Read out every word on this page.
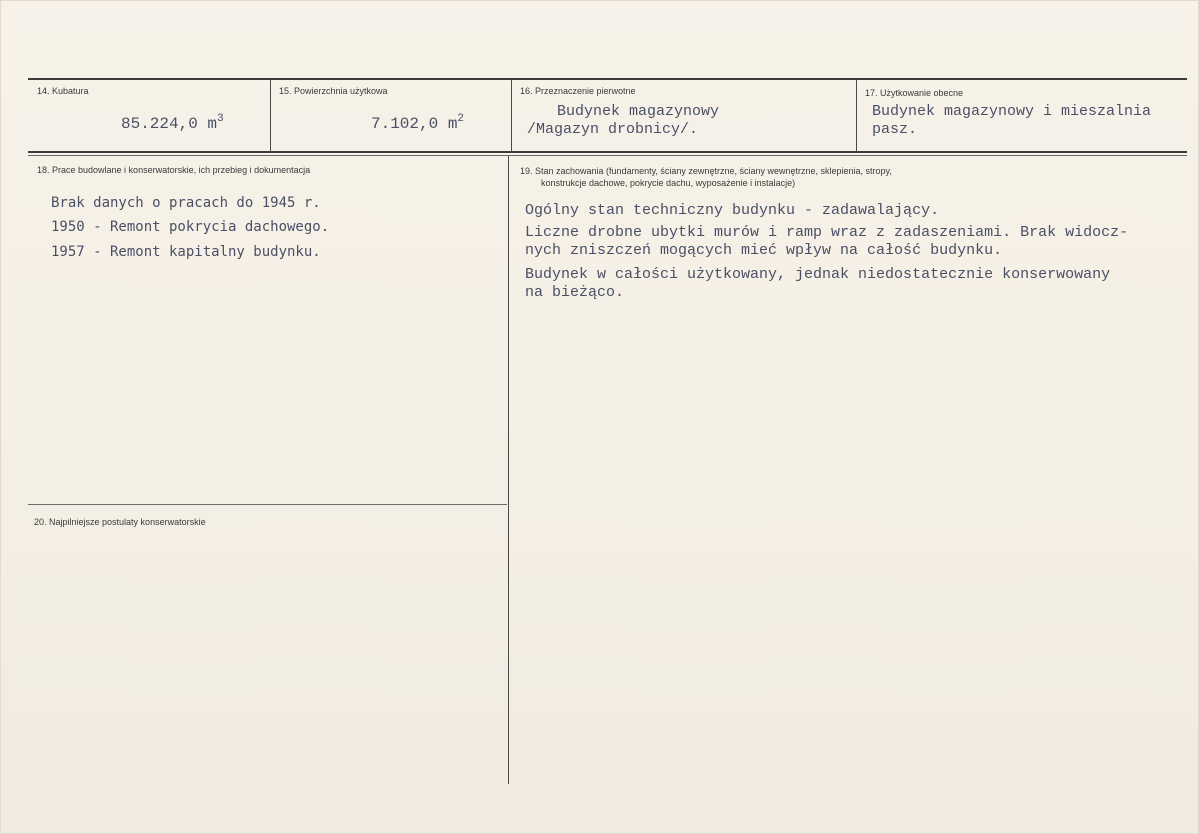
14. Kubatura
85.224,0 $m^3$
15. Powierzchnia użytkowa
7.102,0 $m^2$
16. Przeznaczenie pierwotne
Budynek magazynowy
/Magazyn drobnicy/.
17. Użytkowanie obecne
Budynek magazynowy i mieszalnia
pasz.
18. Prace budowlane i konserwatorskie, ich przebieg i dokumentacja
Brak danych o pracach do 1945 r.
1950 - Remont pokrycia dachowego.
1957 - Remont kapitalny budynku.
19. Stan zachowania (fundamenty, ściany zewnętrzne, ściany wewnętrzne, sklepienia, stropy,
konstrukcje dachowe, pokrycie dachu, wyposażenie i instalacje)
Ogólny stan techniczny budynku - zadawalający.
Liczne drobne ubytki murów i ramp wraz z zadaszeniami. Brak widocz-
nych zniszczeń mogących mieć wpływ na całość budynku.
Budynek w całości użytkowany, jednak niedostatecznie konserwowany
na bieżąco.
20. Najpilniejsze postulaty konserwatorskie
